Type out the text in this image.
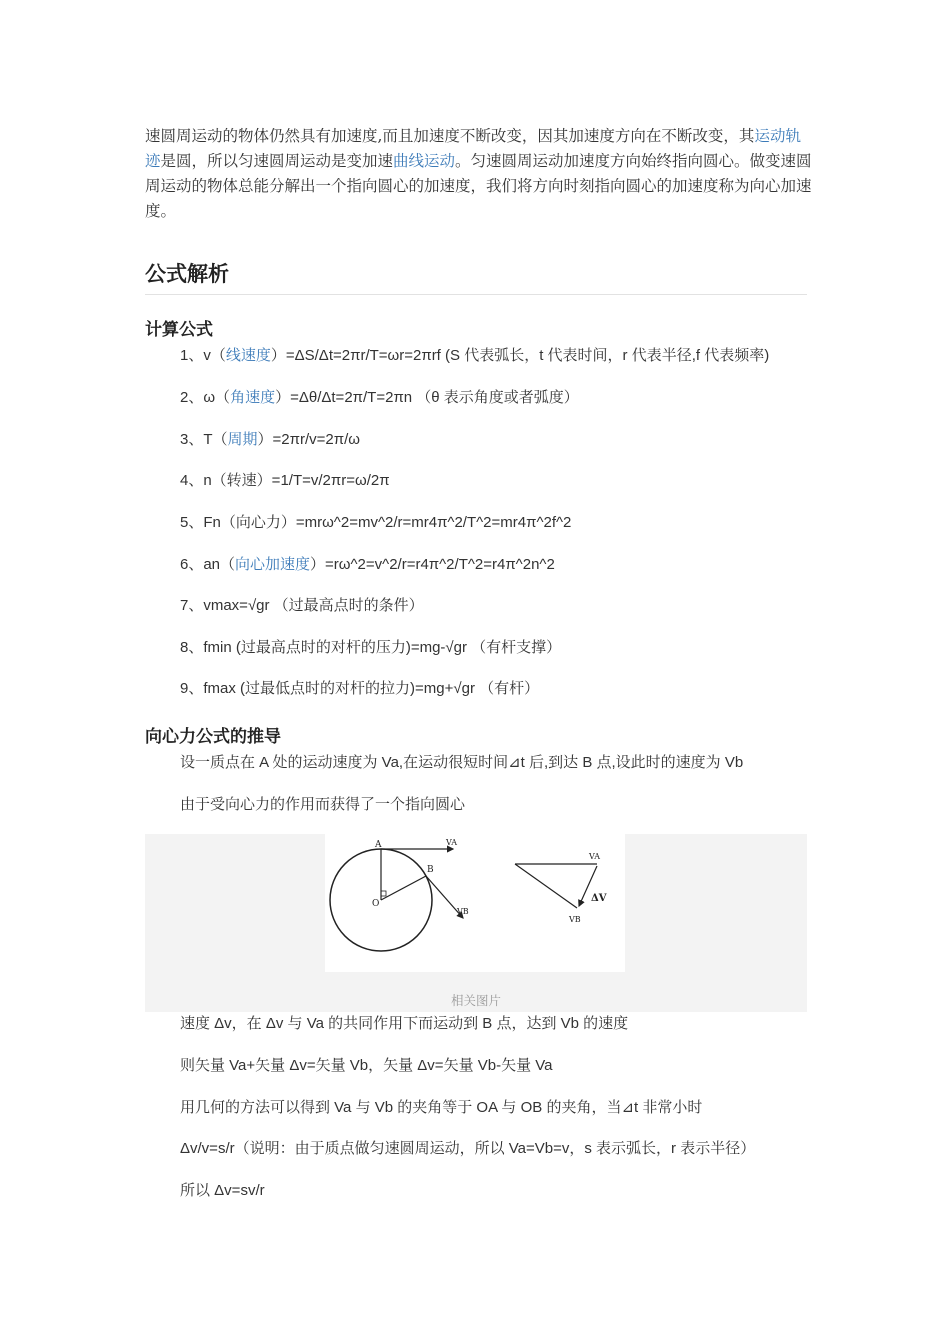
速圆周运动的物体仍然具有加速度,而且加速度不断改变，因其加速度方向在不断改变，其运动轨迹是圆，所以匀速圆周运动是变加速曲线运动。匀速圆周运动加速度方向始终指向圆心。做变速圆周运动的物体总能分解出一个指向圆心的加速度，我们将方向时刻指向圆心的加速度称为向心加速度。
公式解析
计算公式
1、v（线速度）=ΔS/Δt=2πr/T=ωr=2πrf (S 代表弧长，t 代表时间，r 代表半径,f 代表频率)
2、ω（角速度）=Δθ/Δt=2π/T=2πn （θ 表示角度或者弧度）
3、T（周期）=2πr/v=2π/ω
4、n（转速）=1/T=v/2πr=ω/2π
5、Fn（向心力）=mrω^2=mv^2/r=mr4π^2/T^2=mr4π^2f^2
6、an（向心加速度）=rω^2=v^2/r=r4π^2/T^2=r4π^2n^2
7、vmax=√gr （过最高点时的条件）
8、fmin (过最高点时的对杆的压力)=mg-√gr （有杆支撑）
9、fmax (过最低点时的对杆的拉力)=mg+√gr （有杆）
向心力公式的推导
设一质点在 A 处的运动速度为 Va,在运动很短时间⊿t 后,到达 B 点,设此时的速度为 Vb
由于受向心力的作用而获得了一个指向圆心
A
B
O
VA
VB
VA
VB
ΔV
相关图片
速度 Δv，在 Δv 与 Va 的共同作用下而运动到 B 点，达到 Vb 的速度
则矢量 Va+矢量 Δv=矢量 Vb，矢量 Δv=矢量 Vb-矢量 Va
用几何的方法可以得到 Va 与 Vb 的夹角等于 OA 与 OB 的夹角，当⊿t 非常小时
Δv/v=s/r（说明：由于质点做匀速圆周运动，所以 Va=Vb=v，s 表示弧长，r 表示半径）
所以 Δv=sv/r
